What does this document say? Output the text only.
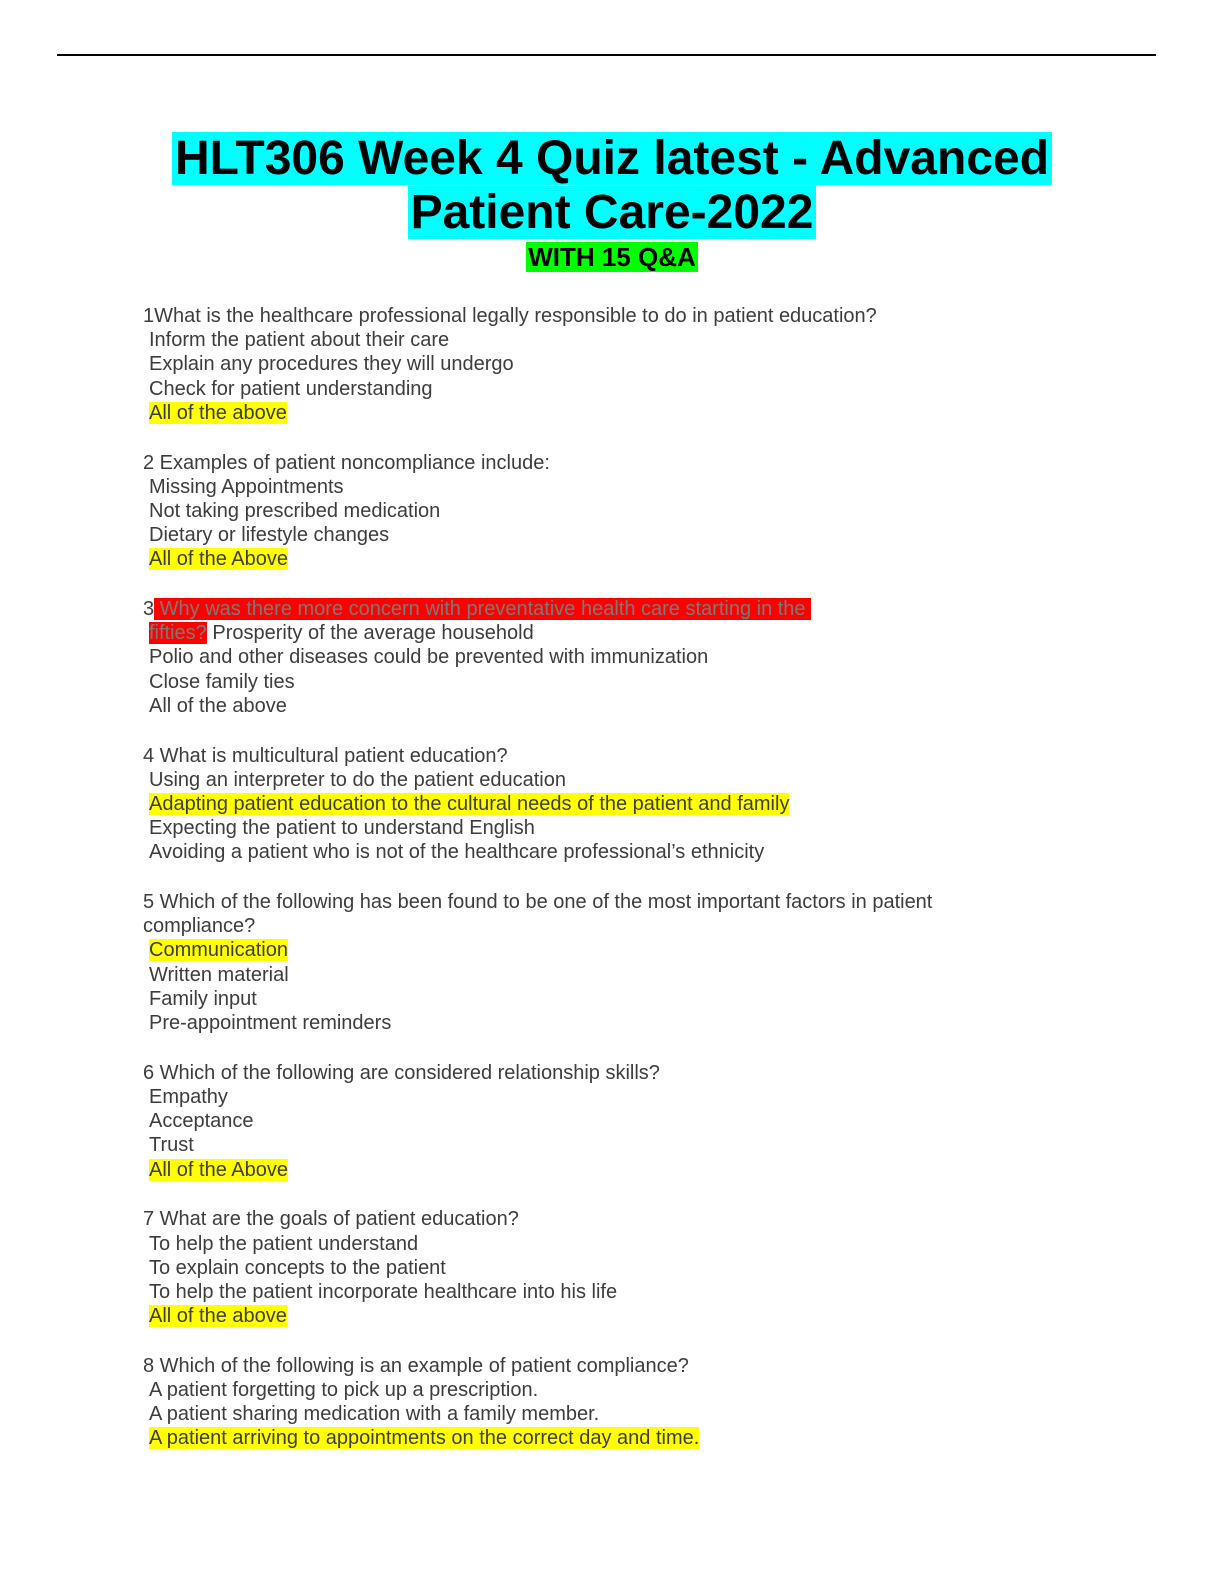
HLT306 Week 4 Quiz latest - Advanced
Patient Care-2022
WITH 15 Q&A

1What is the healthcare professional legally responsible to do in patient education?

Inform the patient about their care

Explain any procedures they will undergo

Check for patient understanding

All of the above

2 Examples of patient noncompliance include:

Missing Appointments

Not taking prescribed medication

Dietary or lifestyle changes

All of the Above

3 Why was there more concern with preventative health care starting in the

fifties? Prosperity of the average household

Polio and other diseases could be prevented with immunization

Close family ties

All of the above

4 What is multicultural patient education?

Using an interpreter to do the patient education

Adapting patient education to the cultural needs of the patient and family

Expecting the patient to understand English

Avoiding a patient who is not of the healthcare professional’s ethnicity

5 Which of the following has been found to be one of the most important factors in patient

compliance?

Communication

Written material

Family input

Pre-appointment reminders

6 Which of the following are considered relationship skills?

Empathy

Acceptance

Trust

All of the Above

7 What are the goals of patient education?

To help the patient understand

To explain concepts to the patient

To help the patient incorporate healthcare into his life

All of the above

8 Which of the following is an example of patient compliance?

A patient forgetting to pick up a prescription.

A patient sharing medication with a family member.

A patient arriving to appointments on the correct day and time.
